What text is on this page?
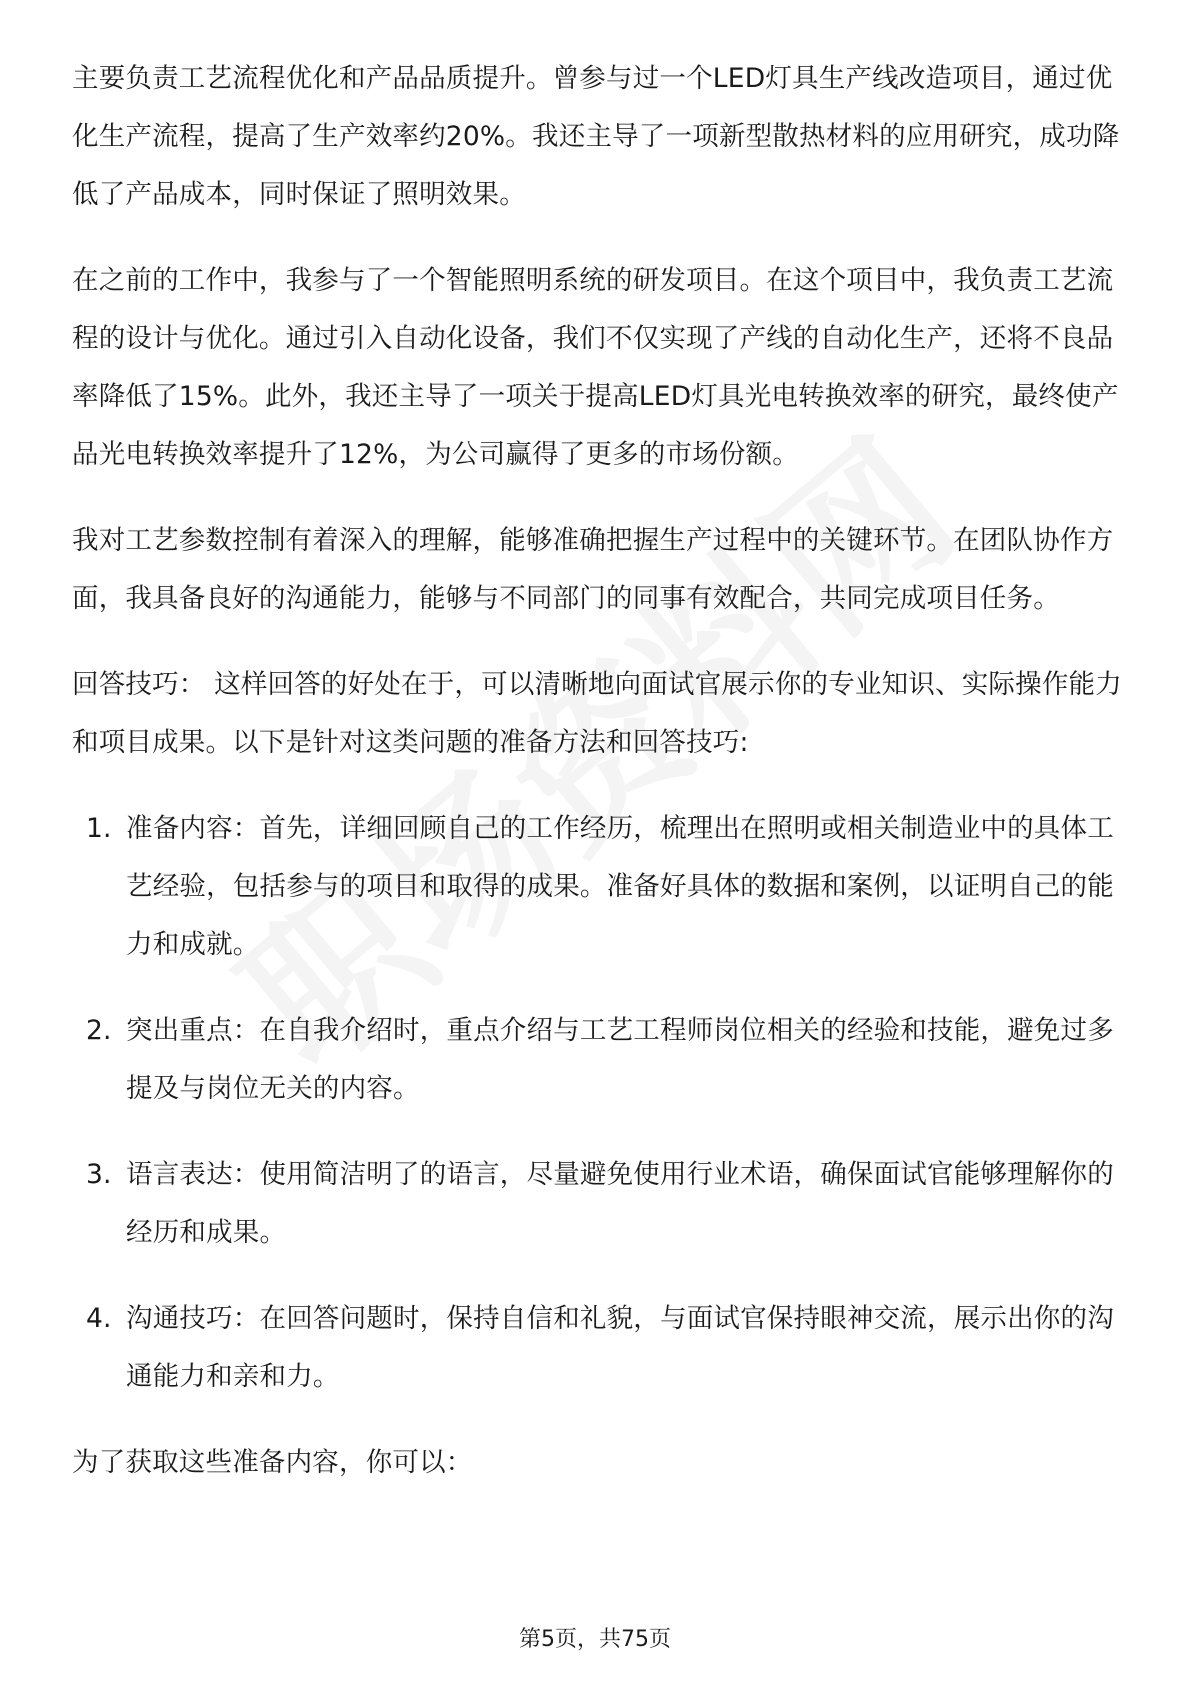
主要负责工艺流程优化和产品品质提升。曾参与过一个LED灯具生产线改造项目，通过优化生产流程，提高了生产效率约20%。我还主导了一项新型散热材料的应用研究，成功降低了产品成本，同时保证了照明效果。

在之前的工作中，我参与了一个智能照明系统的研发项目。在这个项目中，我负责工艺流程的设计与优化。通过引入自动化设备，我们不仅实现了产线的自动化生产，还将不良品率降低了15%。此外，我还主导了一项关于提高LED灯具光电转换效率的研究，最终使产品光电转换效率提升了12%，为公司赢得了更多的市场份额。

我对工艺参数控制有着深入的理解，能够准确把握生产过程中的关键环节。在团队协作方面，我具备良好的沟通能力，能够与不同部门的同事有效配合，共同完成项目任务。

回答技巧： 这样回答的好处在于，可以清晰地向面试官展示你的专业知识、实际操作能力和项目成果。以下是针对这类问题的准备方法和回答技巧:

1. 准备内容：首先，详细回顾自己的工作经历，梳理出在照明或相关制造业中的具体工艺经验，包括参与的项目和取得的成果。准备好具体的数据和案例，以证明自己的能力和成就。
2. 突出重点：在自我介绍时，重点介绍与工艺工程师岗位相关的经验和技能，避免过多提及与岗位无关的内容。
3. 语言表达：使用简洁明了的语言，尽量避免使用行业术语，确保面试官能够理解你的经历和成果。
4. 沟通技巧：在回答问题时，保持自信和礼貌，与面试官保持眼神交流，展示出你的沟通能力和亲和力。

为了获取这些准备内容，你可以：

第5页，共75页
